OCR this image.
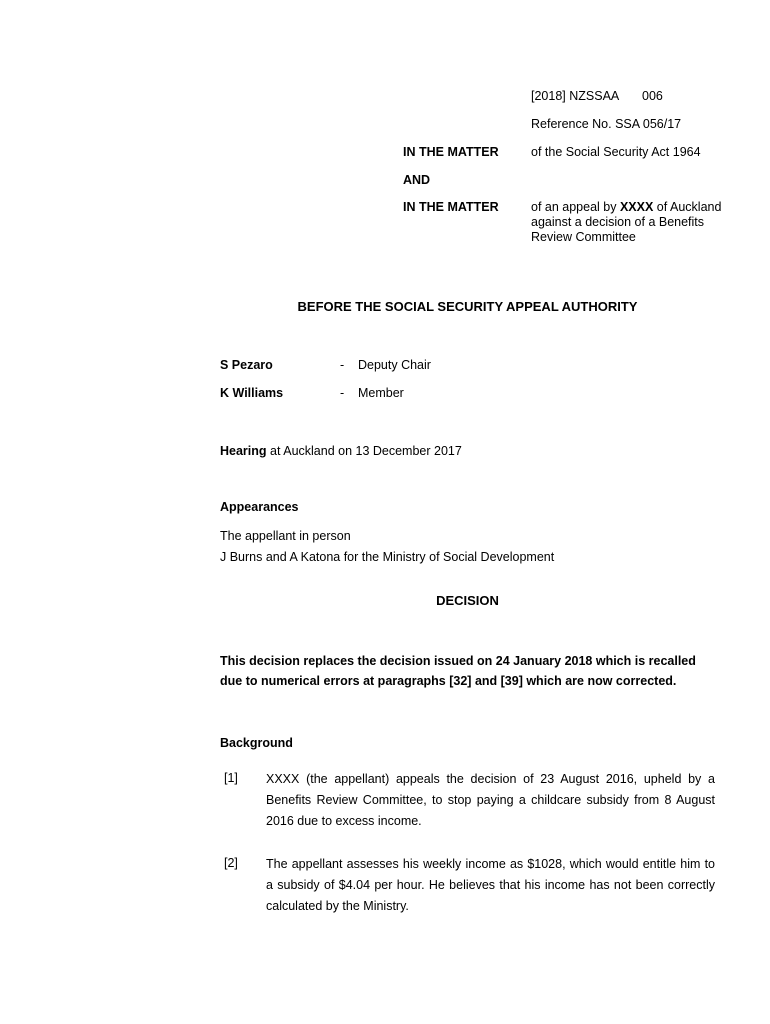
[2018] NZSSAA 006
Reference No. SSA 056/17
IN THE MATTER	of the Social Security Act 1964
AND
IN THE MATTER	of an appeal by XXXX of Auckland against a decision of a Benefits Review Committee
BEFORE THE SOCIAL SECURITY APPEAL AUTHORITY
S Pezaro	- Deputy Chair
K Williams	- Member
Hearing at Auckland on 13 December 2017
Appearances
The appellant in person
J Burns and A Katona for the Ministry of Social Development
DECISION
This decision replaces the decision issued on 24 January 2018 which is recalled due to numerical errors at paragraphs [32] and [39] which are now corrected.
Background
[1] XXXX (the appellant) appeals the decision of 23 August 2016, upheld by a Benefits Review Committee, to stop paying a childcare subsidy from 8 August 2016 due to excess income.
[2] The appellant assesses his weekly income as $1028, which would entitle him to a subsidy of $4.04 per hour. He believes that his income has not been correctly calculated by the Ministry.
